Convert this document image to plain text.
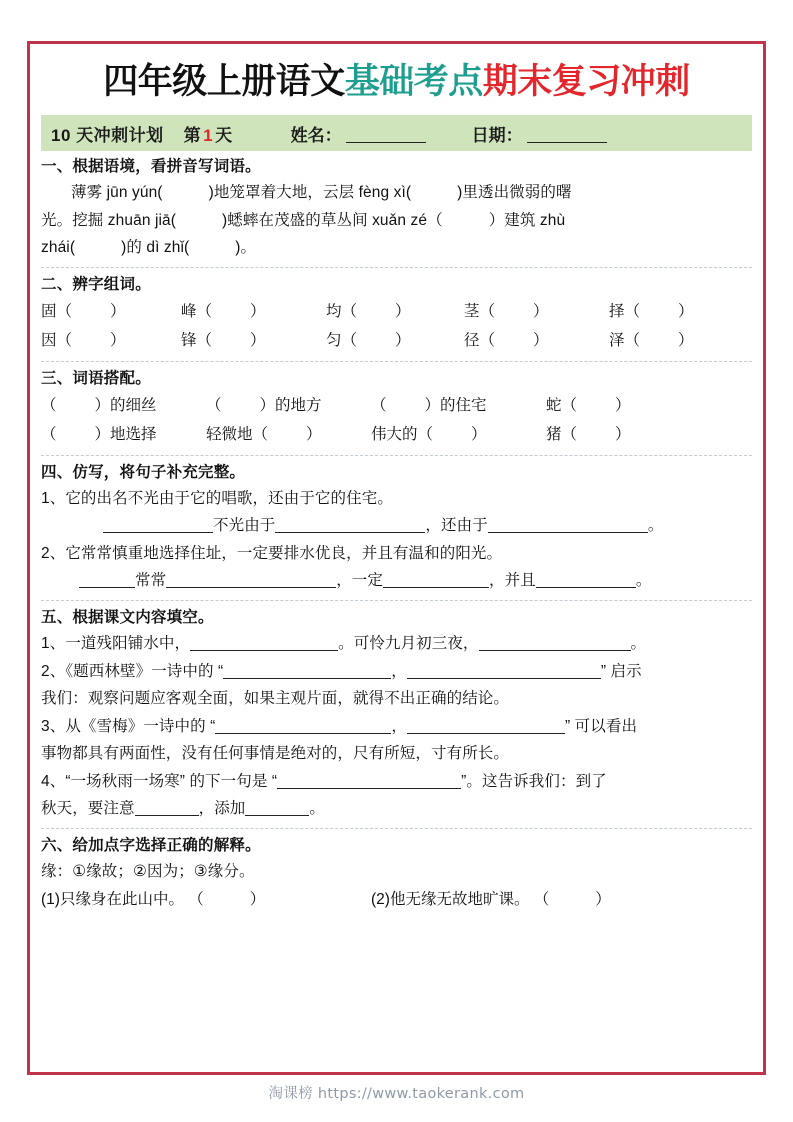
四年级上册语文基础考点期末复习冲刺
10 天冲刺计划 第 1 天	姓名：	日期：
一、根据语境，看拼音写词语。
薄雾 jūn yún(	)地笼罩着大地，云层 fèng xì(	)里透出微弱的曙
光。挖掘 zhuān jiā(	)蟋蟀在茂盛的草丛间 xuǎn zé（	）建筑 zhù
zhái(	)的 dì zhǐ(	)。
二、辨字组词。
固（ ）	峰（ ）	均（ ）	茎（ ）	择（ ）
因（ ）	锋（ ）	匀（ ）	径（ ）	泽（ ）
三、词语搭配。
（ ）的细丝	（ ）的地方	（ ）的住宅	蛇（ ）
（ ）地选择	轻微地（ ）	伟大的（ ）	猪（ ）
四、仿写，将句子补充完整。
1、它的出名不光由于它的唱歌，还由于它的住宅。
不光由于	，还由于	。
2、它常常慎重地选择住址，一定要排水优良，并且有温和的阳光。
常常	，一定	，并且	。
五、根据课文内容填空。
1、一道残阳铺水中，	。可怜九月初三夜，	。
2、《题西林壁》一诗中的 “	，	” 启示
我们：观察问题应客观全面，如果主观片面，就得不出正确的结论。
3、从《雪梅》一诗中的 “	，	” 可以看出
事物都具有两面性，没有任何事情是绝对的，尺有所短，寸有所长。
4、“一场秋雨一场寒” 的下一句是 “	”。这告诉我们：到了
秋天，要注意	，添加	。
六、给加点字选择正确的解释。
缘：①缘故；②因为；③缘分。
(1)只缘身在此山中。 （	）	(2)他无缘无故地旷课。 （	）
淘课榜 https://www.taokerank.com
